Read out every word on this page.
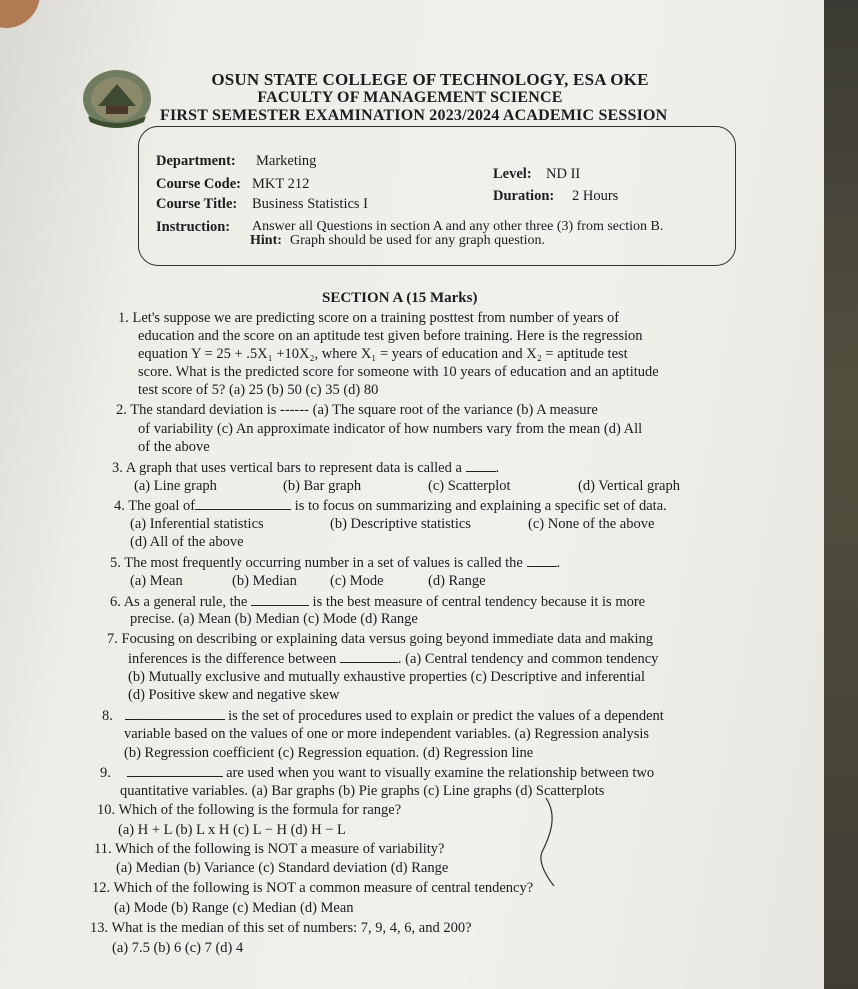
OSUN STATE COLLEGE OF TECHNOLOGY, ESA OKE
FACULTY OF MANAGEMENT SCIENCE
FIRST SEMESTER EXAMINATION 2023/2024 ACADEMIC SESSION
Department: Marketing
Course Code: MKT 212
Level: ND II
Course Title: Business Statistics I	Duration: 2 Hours
Instruction: Answer all Questions in section A and any other three (3) from section B.
Hint: Graph should be used for any graph question.
SECTION A (15 Marks)
1. Let's suppose we are predicting score on a training posttest from number of years of
education and the score on an aptitude test given before training. Here is the regression
equation Y = 25 + .5X₁ +10X₂, where X₁ = years of education and X₂ = aptitude test
score. What is the predicted score for someone with 10 years of education and an aptitude
test score of 5? (a) 25 (b) 50 (c) 35 (d) 80
2. The standard deviation is ------ (a) The square root of the variance (b) A measure
of variability (c) An approximate indicator of how numbers vary from the mean (d) All
of the above
3. A graph that uses vertical bars to represent data is called a .
(a) Line graph	(b) Bar graph	(c) Scatterplot	(d) Vertical graph
4. The goal of	is to focus on summarizing and explaining a specific set of data.
(a) Inferential statistics	(b) Descriptive statistics	(c) None of the above
(d) All of the above
5. The most frequently occurring number in a set of values is called the .
(a) Mean	(b) Median (c) Mode	(d) Range
6. As a general rule, the	is the best measure of central tendency because it is more
precise. (a) Mean (b) Median (c) Mode (d) Range
7. Focusing on describing or explaining data versus going beyond immediate data and making
inferences is the difference between	. (a) Central tendency and common tendency
(b) Mutually exclusive and mutually exhaustive properties (c) Descriptive and inferential
(d) Positive skew and negative skew
8.	is the set of procedures used to explain or predict the values of a dependent
variable based on the values of one or more independent variables. (a) Regression analysis
(b) Regression coefficient (c) Regression equation. (d) Regression line
9.	are used when you want to visually examine the relationship between two
quantitative variables. (a) Bar graphs (b) Pie graphs (c) Line graphs (d) Scatterplots
10. Which of the following is the formula for range?
(a) H + L (b) L x H (c) L − H (d) H − L
11. Which of the following is NOT a measure of variability?
(a) Median (b) Variance (c) Standard deviation (d) Range
12. Which of the following is NOT a common measure of central tendency?
(a) Mode (b) Range (c) Median (d) Mean
13. What is the median of this set of numbers: 7, 9, 4, 6, and 200?
(a) 7.5 (b) 6 (c) 7 (d) 4
